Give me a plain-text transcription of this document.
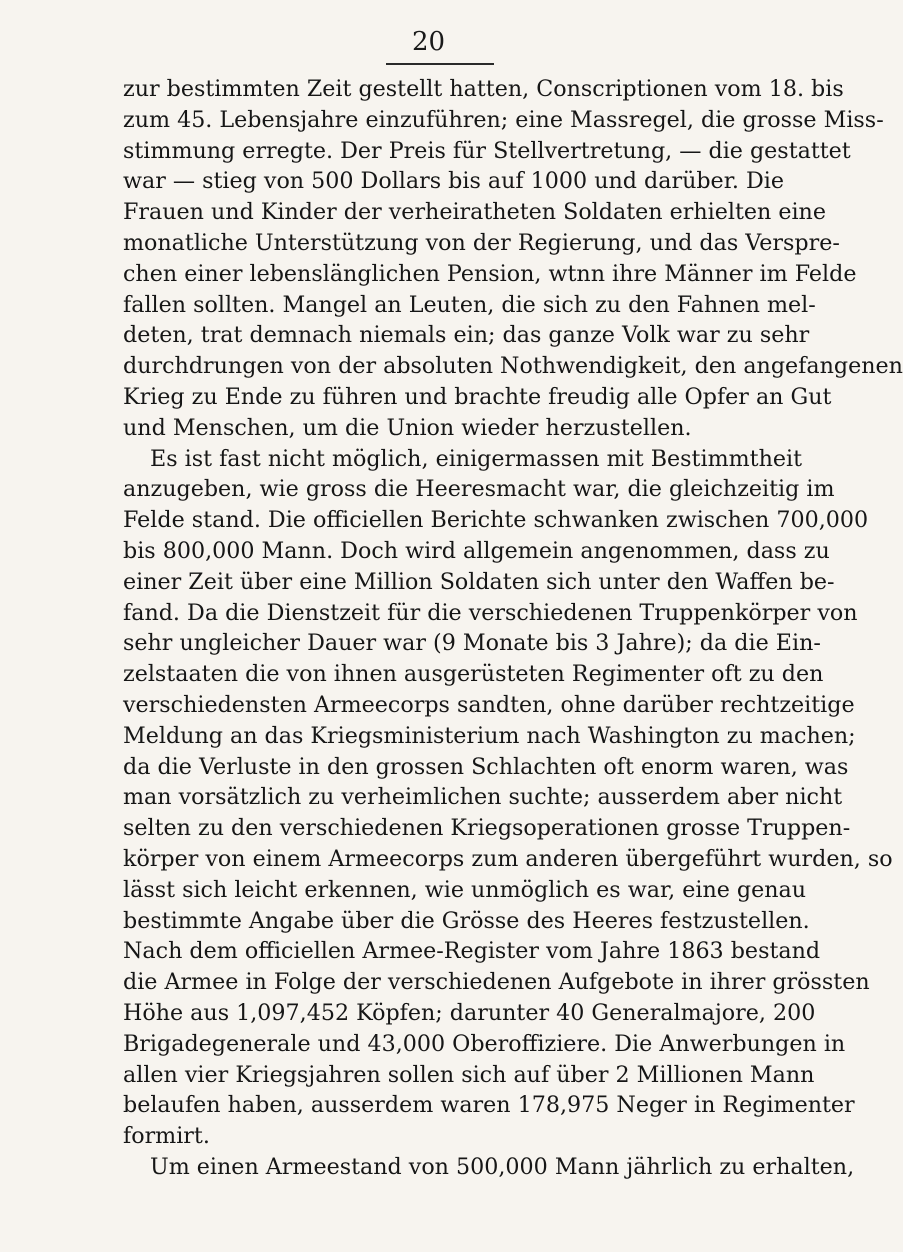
20
zur bestimmten Zeit gestellt hatten, Conscriptionen vom 18. bis
zum 45. Lebensjahre einzuführen; eine Massregel, die grosse Miss-
stimmung erregte. Der Preis für Stellvertretung, — die gestattet
war — stieg von 500 Dollars bis auf 1000 und darüber. Die
Frauen und Kinder der verheiratheten Soldaten erhielten eine
monatliche Unterstützung von der Regierung, und das Verspre-
chen einer lebenslänglichen Pension, wtnn ihre Männer im Felde
fallen sollten. Mangel an Leuten, die sich zu den Fahnen mel-
deten, trat demnach niemals ein; das ganze Volk war zu sehr
durchdrungen von der absoluten Nothwendigkeit, den angefangenen
Krieg zu Ende zu führen und brachte freudig alle Opfer an Gut
und Menschen, um die Union wieder herzustellen.
Es ist fast nicht möglich, einigermassen mit Bestimmtheit
anzugeben, wie gross die Heeresmacht war, die gleichzeitig im
Felde stand. Die officiellen Berichte schwanken zwischen 700,000
bis 800,000 Mann. Doch wird allgemein angenommen, dass zu
einer Zeit über eine Million Soldaten sich unter den Waffen be-
fand. Da die Dienstzeit für die verschiedenen Truppenkörper von
sehr ungleicher Dauer war (9 Monate bis 3 Jahre); da die Ein-
zelstaaten die von ihnen ausgerüsteten Regimenter oft zu den
verschiedensten Armeecorps sandten, ohne darüber rechtzeitige
Meldung an das Kriegsministerium nach Washington zu machen;
da die Verluste in den grossen Schlachten oft enorm waren, was
man vorsätzlich zu verheimlichen suchte; ausserdem aber nicht
selten zu den verschiedenen Kriegsoperationen grosse Truppen-
körper von einem Armeecorps zum anderen übergeführt wurden, so
lässt sich leicht erkennen, wie unmöglich es war, eine genau
bestimmte Angabe über die Grösse des Heeres festzustellen.
Nach dem officiellen Armee-Register vom Jahre 1863 bestand
die Armee in Folge der verschiedenen Aufgebote in ihrer grössten
Höhe aus 1,097,452 Köpfen; darunter 40 Generalmajore, 200
Brigadegenerale und 43,000 Oberoffiziere. Die Anwerbungen in
allen vier Kriegsjahren sollen sich auf über 2 Millionen Mann
belaufen haben, ausserdem waren 178,975 Neger in Regimenter
formirt.
Um einen Armeestand von 500,000 Mann jährlich zu erhalten,
